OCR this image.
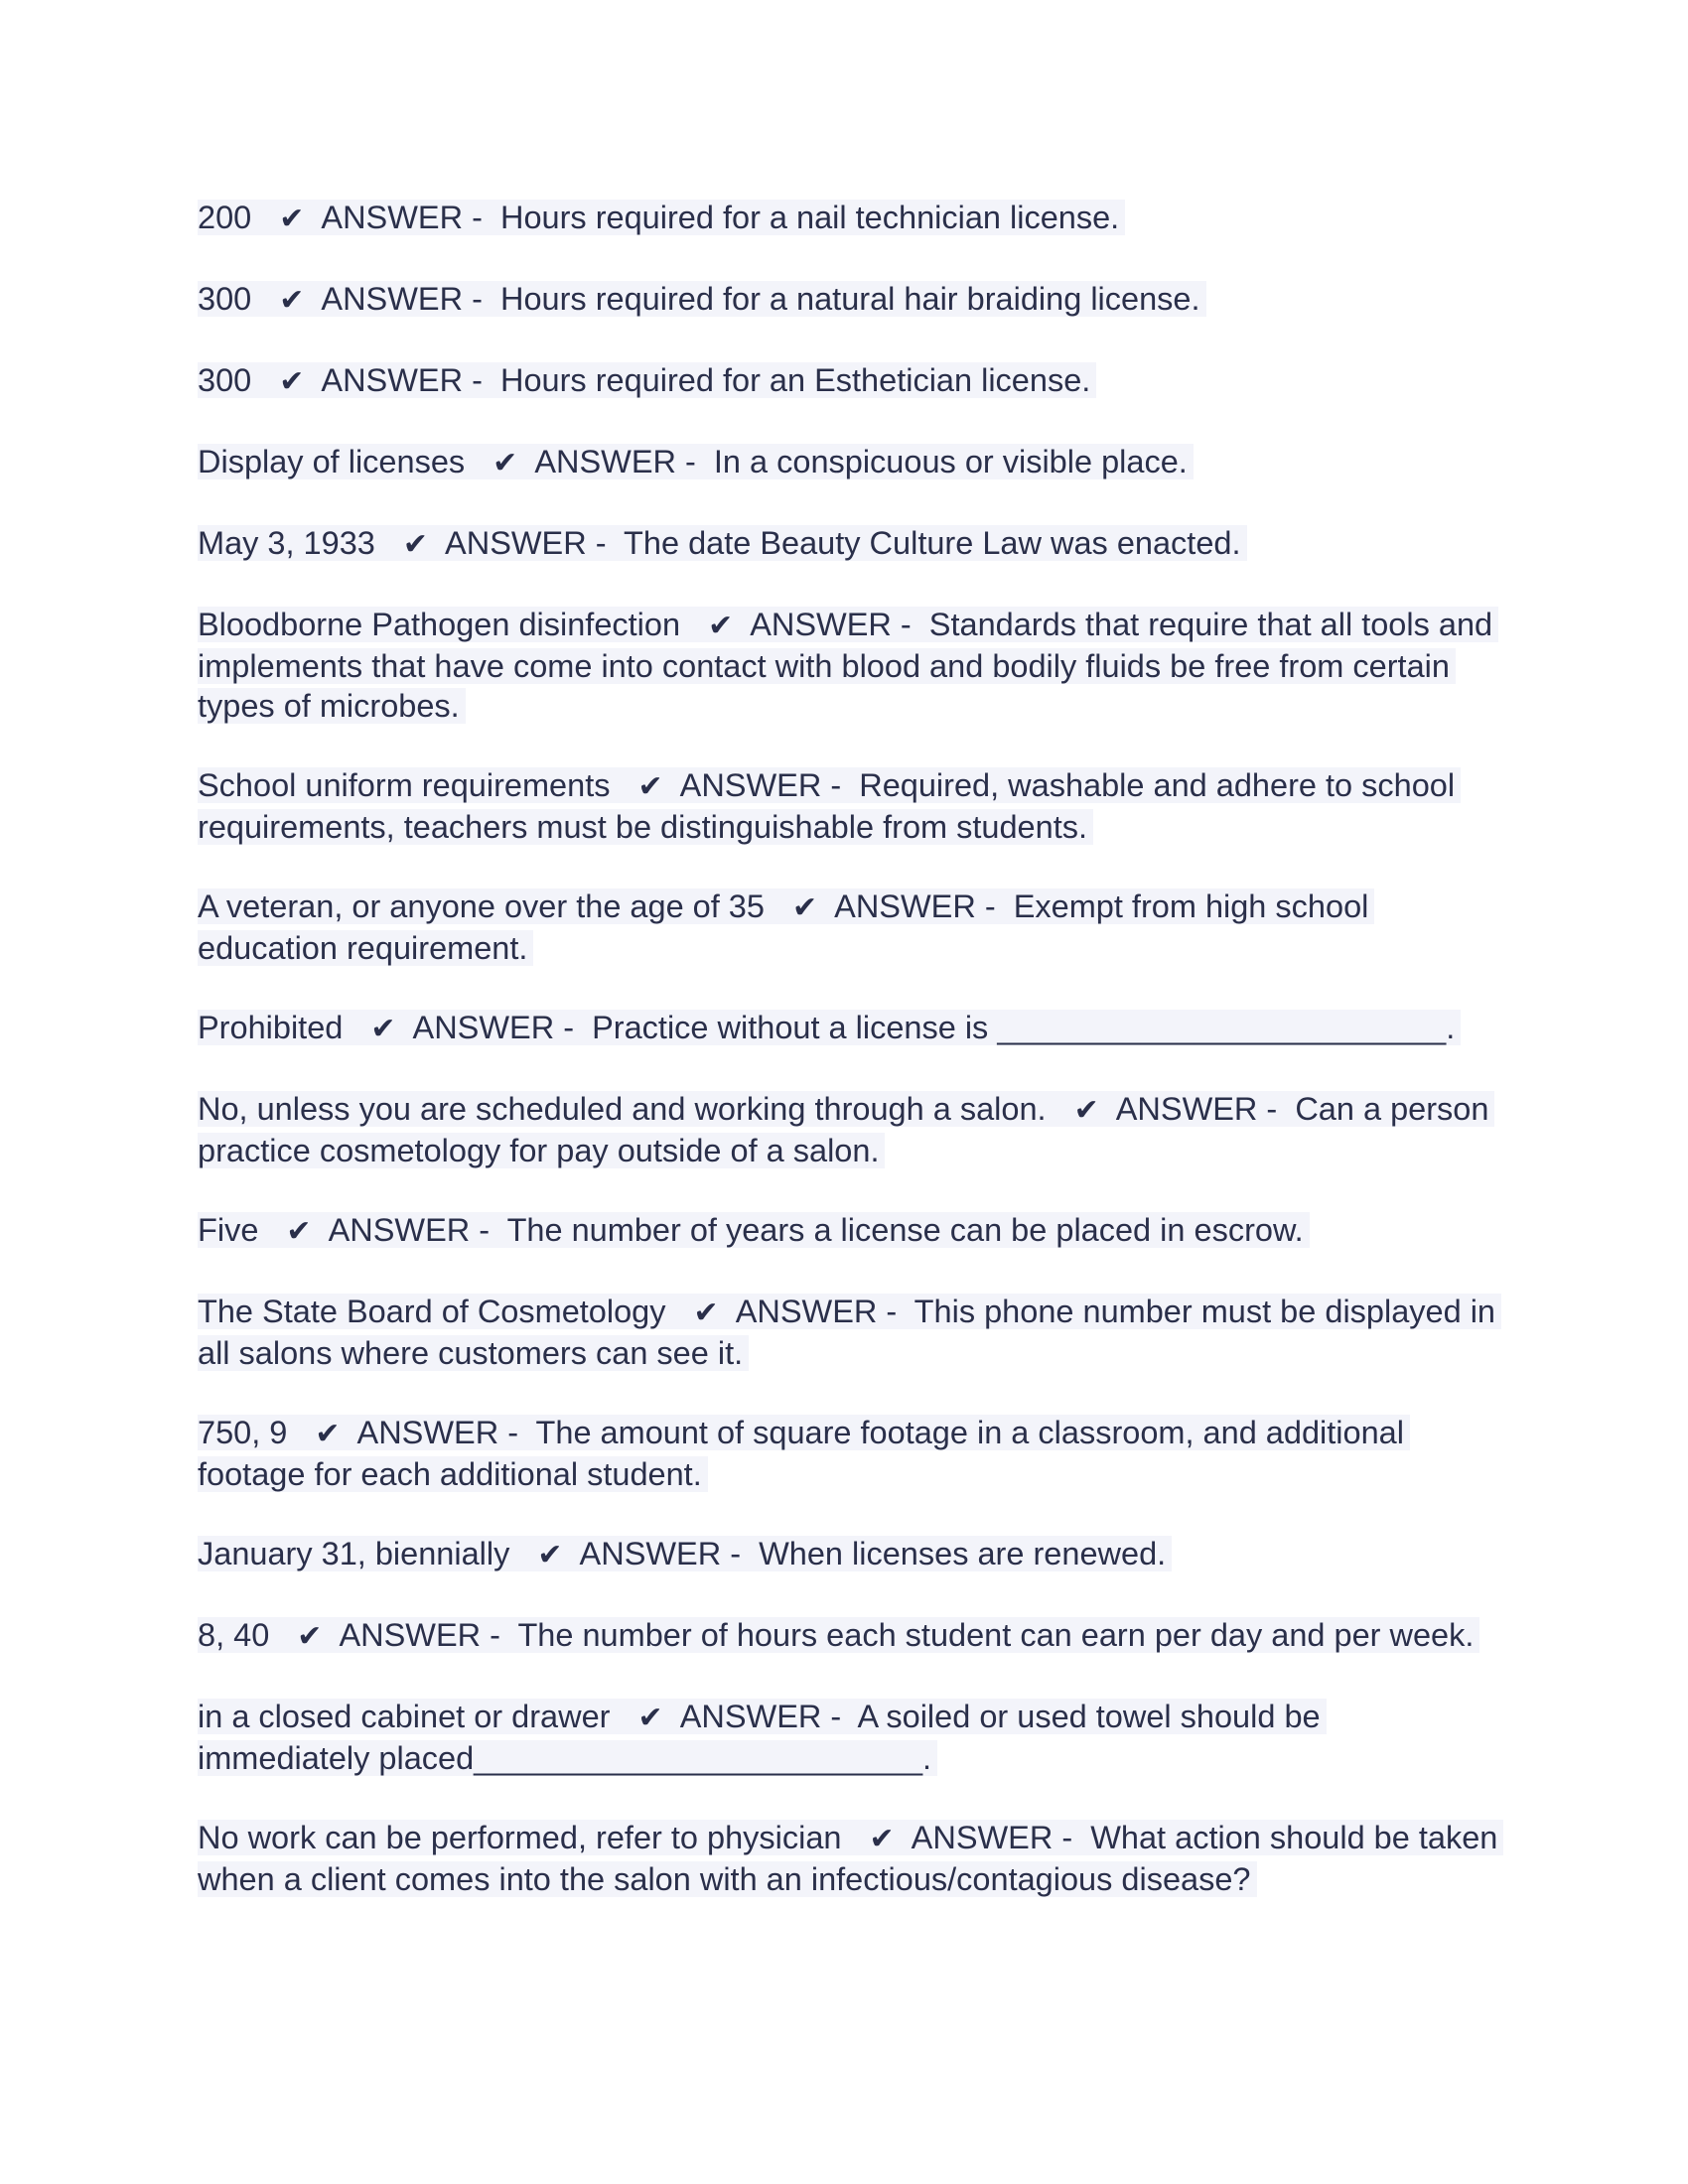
200 ✔ ANSWER - Hours required for a nail technician license.

300 ✔ ANSWER - Hours required for a natural hair braiding license.

300 ✔ ANSWER - Hours required for an Esthetician license.

Display of licenses ✔ ANSWER - In a conspicuous or visible place.

May 3, 1933 ✔ ANSWER - The date Beauty Culture Law was enacted.

Bloodborne Pathogen disinfection ✔ ANSWER - Standards that require that all tools and implements that have come into contact with blood and bodily fluids be free from certain types of microbes.

School uniform requirements ✔ ANSWER - Required, washable and adhere to school requirements, teachers must be distinguishable from students.

A veteran, or anyone over the age of 35 ✔ ANSWER - Exempt from high school education requirement.

Prohibited ✔ ANSWER - Practice without a license is _________________________.

No, unless you are scheduled and working through a salon. ✔ ANSWER - Can a person practice cosmetology for pay outside of a salon.

Five ✔ ANSWER - The number of years a license can be placed in escrow.

The State Board of Cosmetology ✔ ANSWER - This phone number must be displayed in all salons where customers can see it.

750, 9 ✔ ANSWER - The amount of square footage in a classroom, and additional footage for each additional student.

January 31, biennially ✔ ANSWER - When licenses are renewed.

8, 40 ✔ ANSWER - The number of hours each student can earn per day and per week.

in a closed cabinet or drawer ✔ ANSWER - A soiled or used towel should be immediately placed_________________________.

No work can be performed, refer to physician ✔ ANSWER - What action should be taken when a client comes into the salon with an infectious/contagious disease?
